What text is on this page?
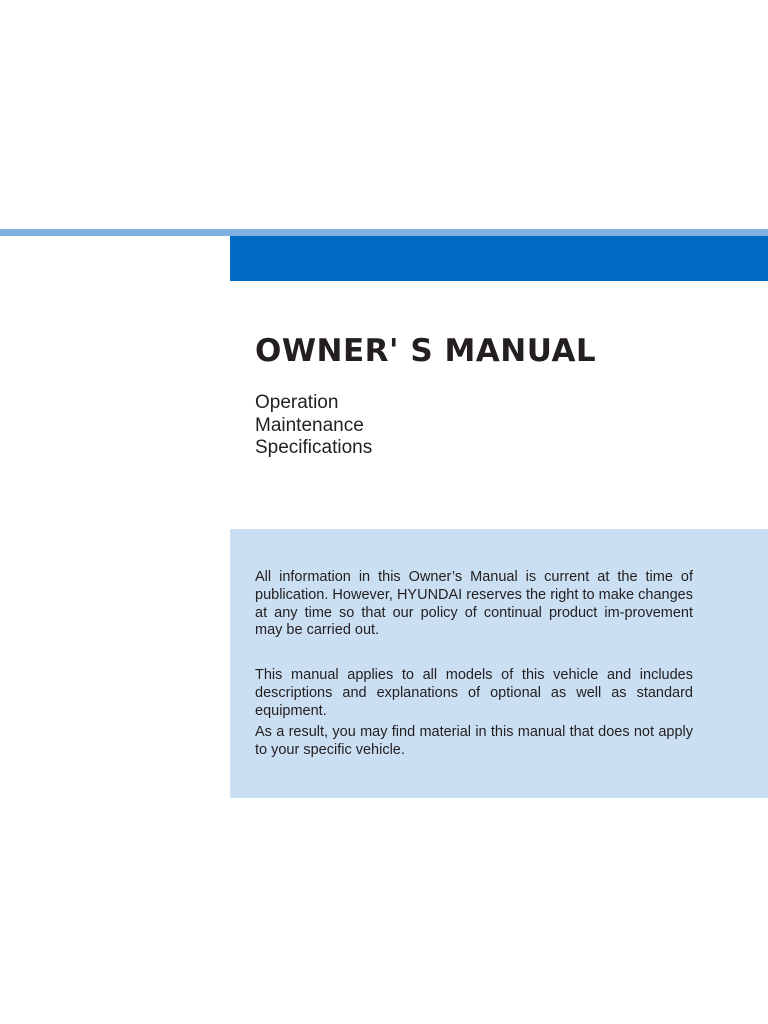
OWNER' S MANUAL
Operation
Maintenance
Specifications

All information in this Owner’s Manual is current at the time of publication. However, HYUNDAI reserves the right to make changes at any time so that our policy of continual product im-provement may be carried out.

This manual applies to all models of this vehicle and includes descriptions and explanations of optional as well as standard equipment.

As a result, you may find material in this manual that does not apply to your specific vehicle.
